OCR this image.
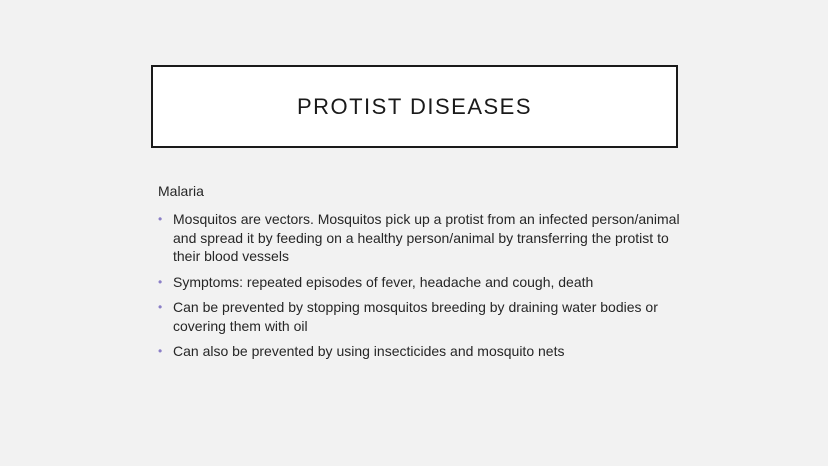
PROTIST DISEASES

Malaria

• Mosquitos are vectors. Mosquitos pick up a protist from an infected person/animal and spread it by feeding on a healthy person/animal by transferring the protist to their blood vessels
• Symptoms: repeated episodes of fever, headache and cough, death
• Can be prevented by stopping mosquitos breeding by draining water bodies or covering them with oil
• Can also be prevented by using insecticides and mosquito nets
